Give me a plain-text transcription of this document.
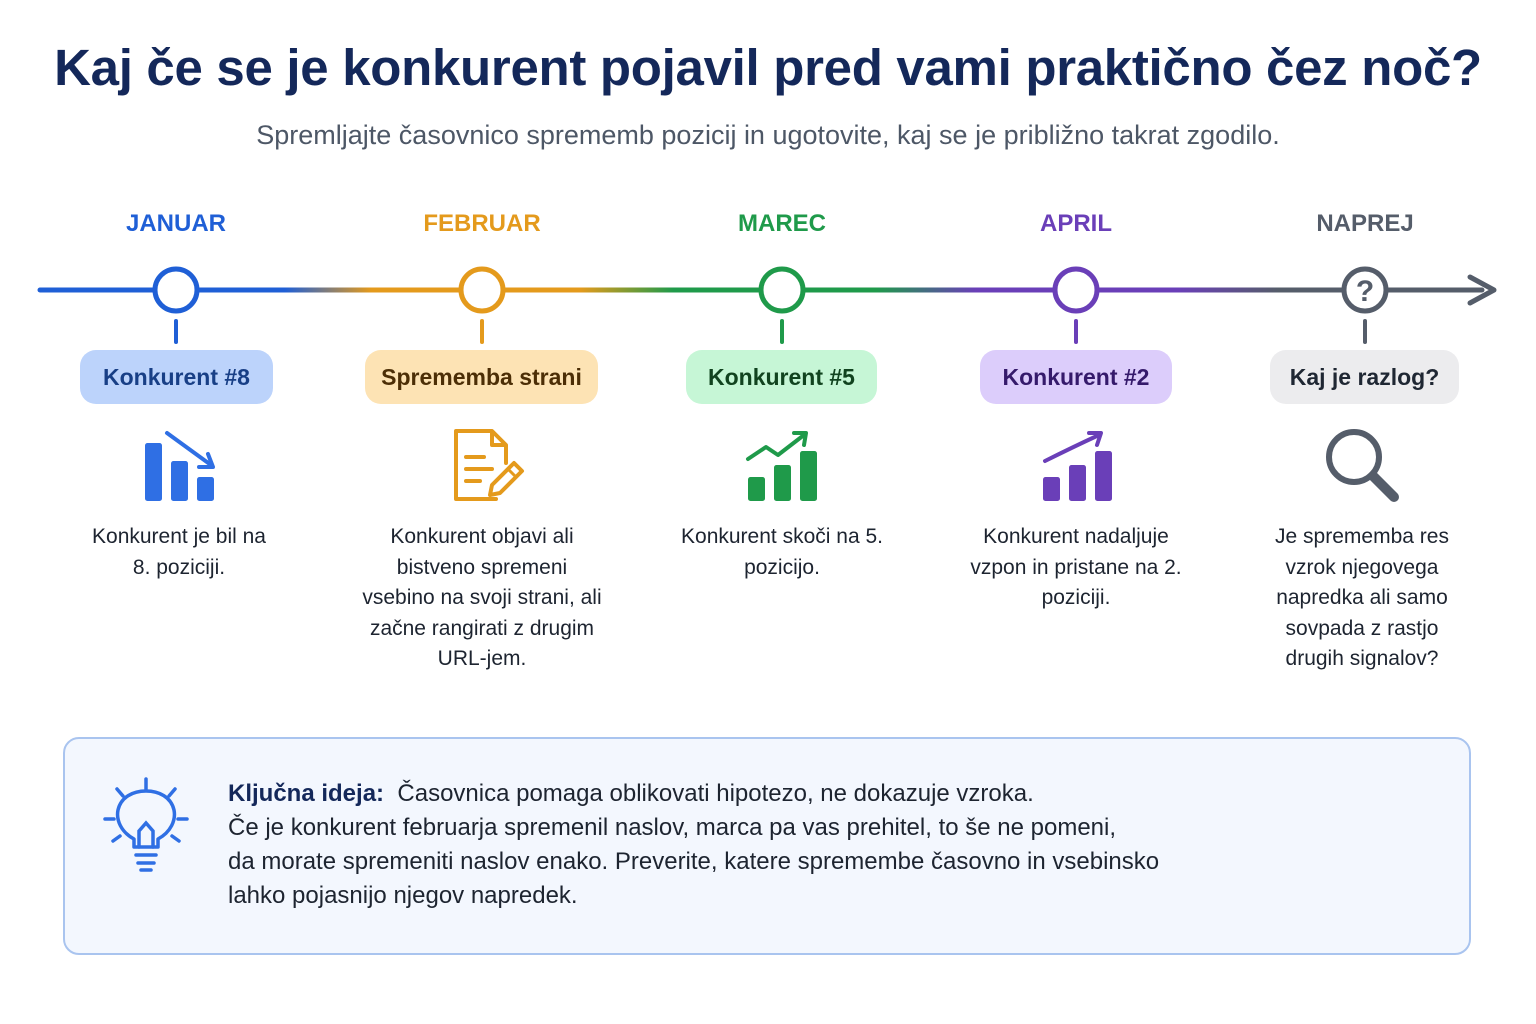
Kaj če se je konkurent pojavil pred vami praktično čez noč?
Spremljajte časovnico sprememb pozicij in ugotovite, kaj se je približno takrat zgodilo.
JANUAR	FEBRUAR	MAREC	APRIL	NAPREJ
?
Konkurent #8	Sprememba strani	Konkurent #5	Konkurent #2	Kaj je razlog?
Konkurent je bil na 8. poziciji.
Konkurent objavi ali bistveno spremeni vsebino na svoji strani, ali začne rangirati z drugim URL-jem.
Konkurent skoči na 5. pozicijo.
Konkurent nadaljuje vzpon in pristane na 2. poziciji.
Je sprememba res vzrok njegovega napredka ali samo sovpada z rastjo drugih signalov?
Ključna ideja: Časovnica pomaga oblikovati hipotezo, ne dokazuje vzroka.
Če je konkurent februarja spremenil naslov, marca pa vas prehitel, to še ne pomeni,
da morate spremeniti naslov enako. Preverite, katere spremembe časovno in vsebinsko
lahko pojasnijo njegov napredek.
